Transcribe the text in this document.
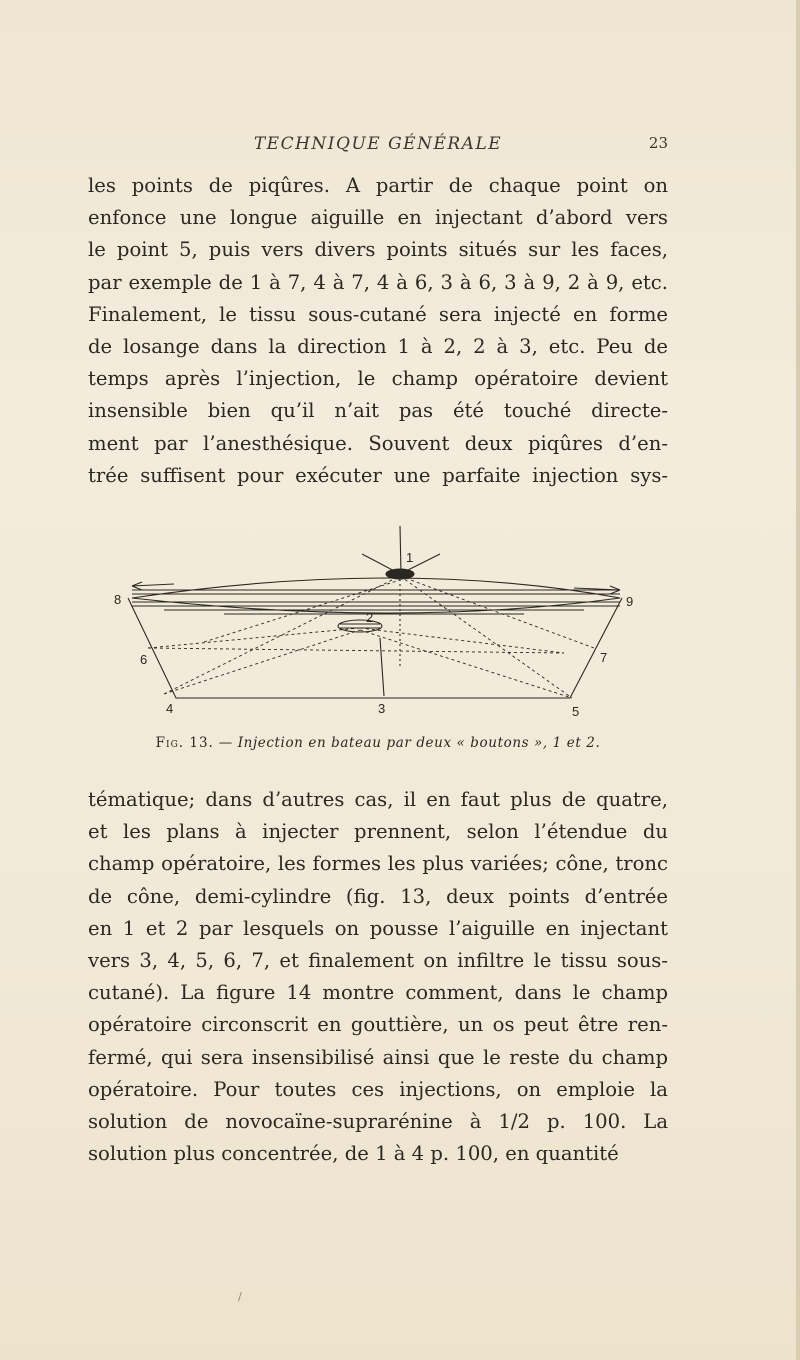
TECHNIQUE GÉNÉRALE	23
les points de piqûres. A partir de chaque point on
enfonce une longue aiguille en injectant d’abord vers
le point 5, puis vers divers points situés sur les faces,
par exemple de 1 à 7, 4 à 7, 4 à 6, 3 à 6, 3 à 9, 2 à 9, etc.
Finalement, le tissu sous-cutané sera injecté en forme
de losange dans la direction 1 à 2, 2 à 3, etc. Peu de
temps après l’injection, le champ opératoire devient
insensible bien qu’il n’ait pas été touché directe-
ment par l’anesthésique. Souvent deux piqûres d’en-
trée suffisent pour exécuter une parfaite injection sys-
8	9
6	7
4	3	5
1
2
Fig. 13. — Injection en bateau par deux « boutons », 1 et 2.
tématique; dans d’autres cas, il en faut plus de quatre,
et les plans à injecter prennent, selon l’étendue du
champ opératoire, les formes les plus variées; cône, tronc
de cône, demi-cylindre (fig. 13, deux points d’entrée
en 1 et 2 par lesquels on pousse l’aiguille en injectant
vers 3, 4, 5, 6, 7, et finalement on infiltre le tissu sous-
cutané). La figure 14 montre comment, dans le champ
opératoire circonscrit en gouttière, un os peut être ren-
fermé, qui sera insensibilisé ainsi que le reste du champ
opératoire. Pour toutes ces injections, on emploie la
solution de novocaïne-suprarénine à 1/2 p. 100. La
solution plus concentrée, de 1 à 4 p. 100, en quantité
/
